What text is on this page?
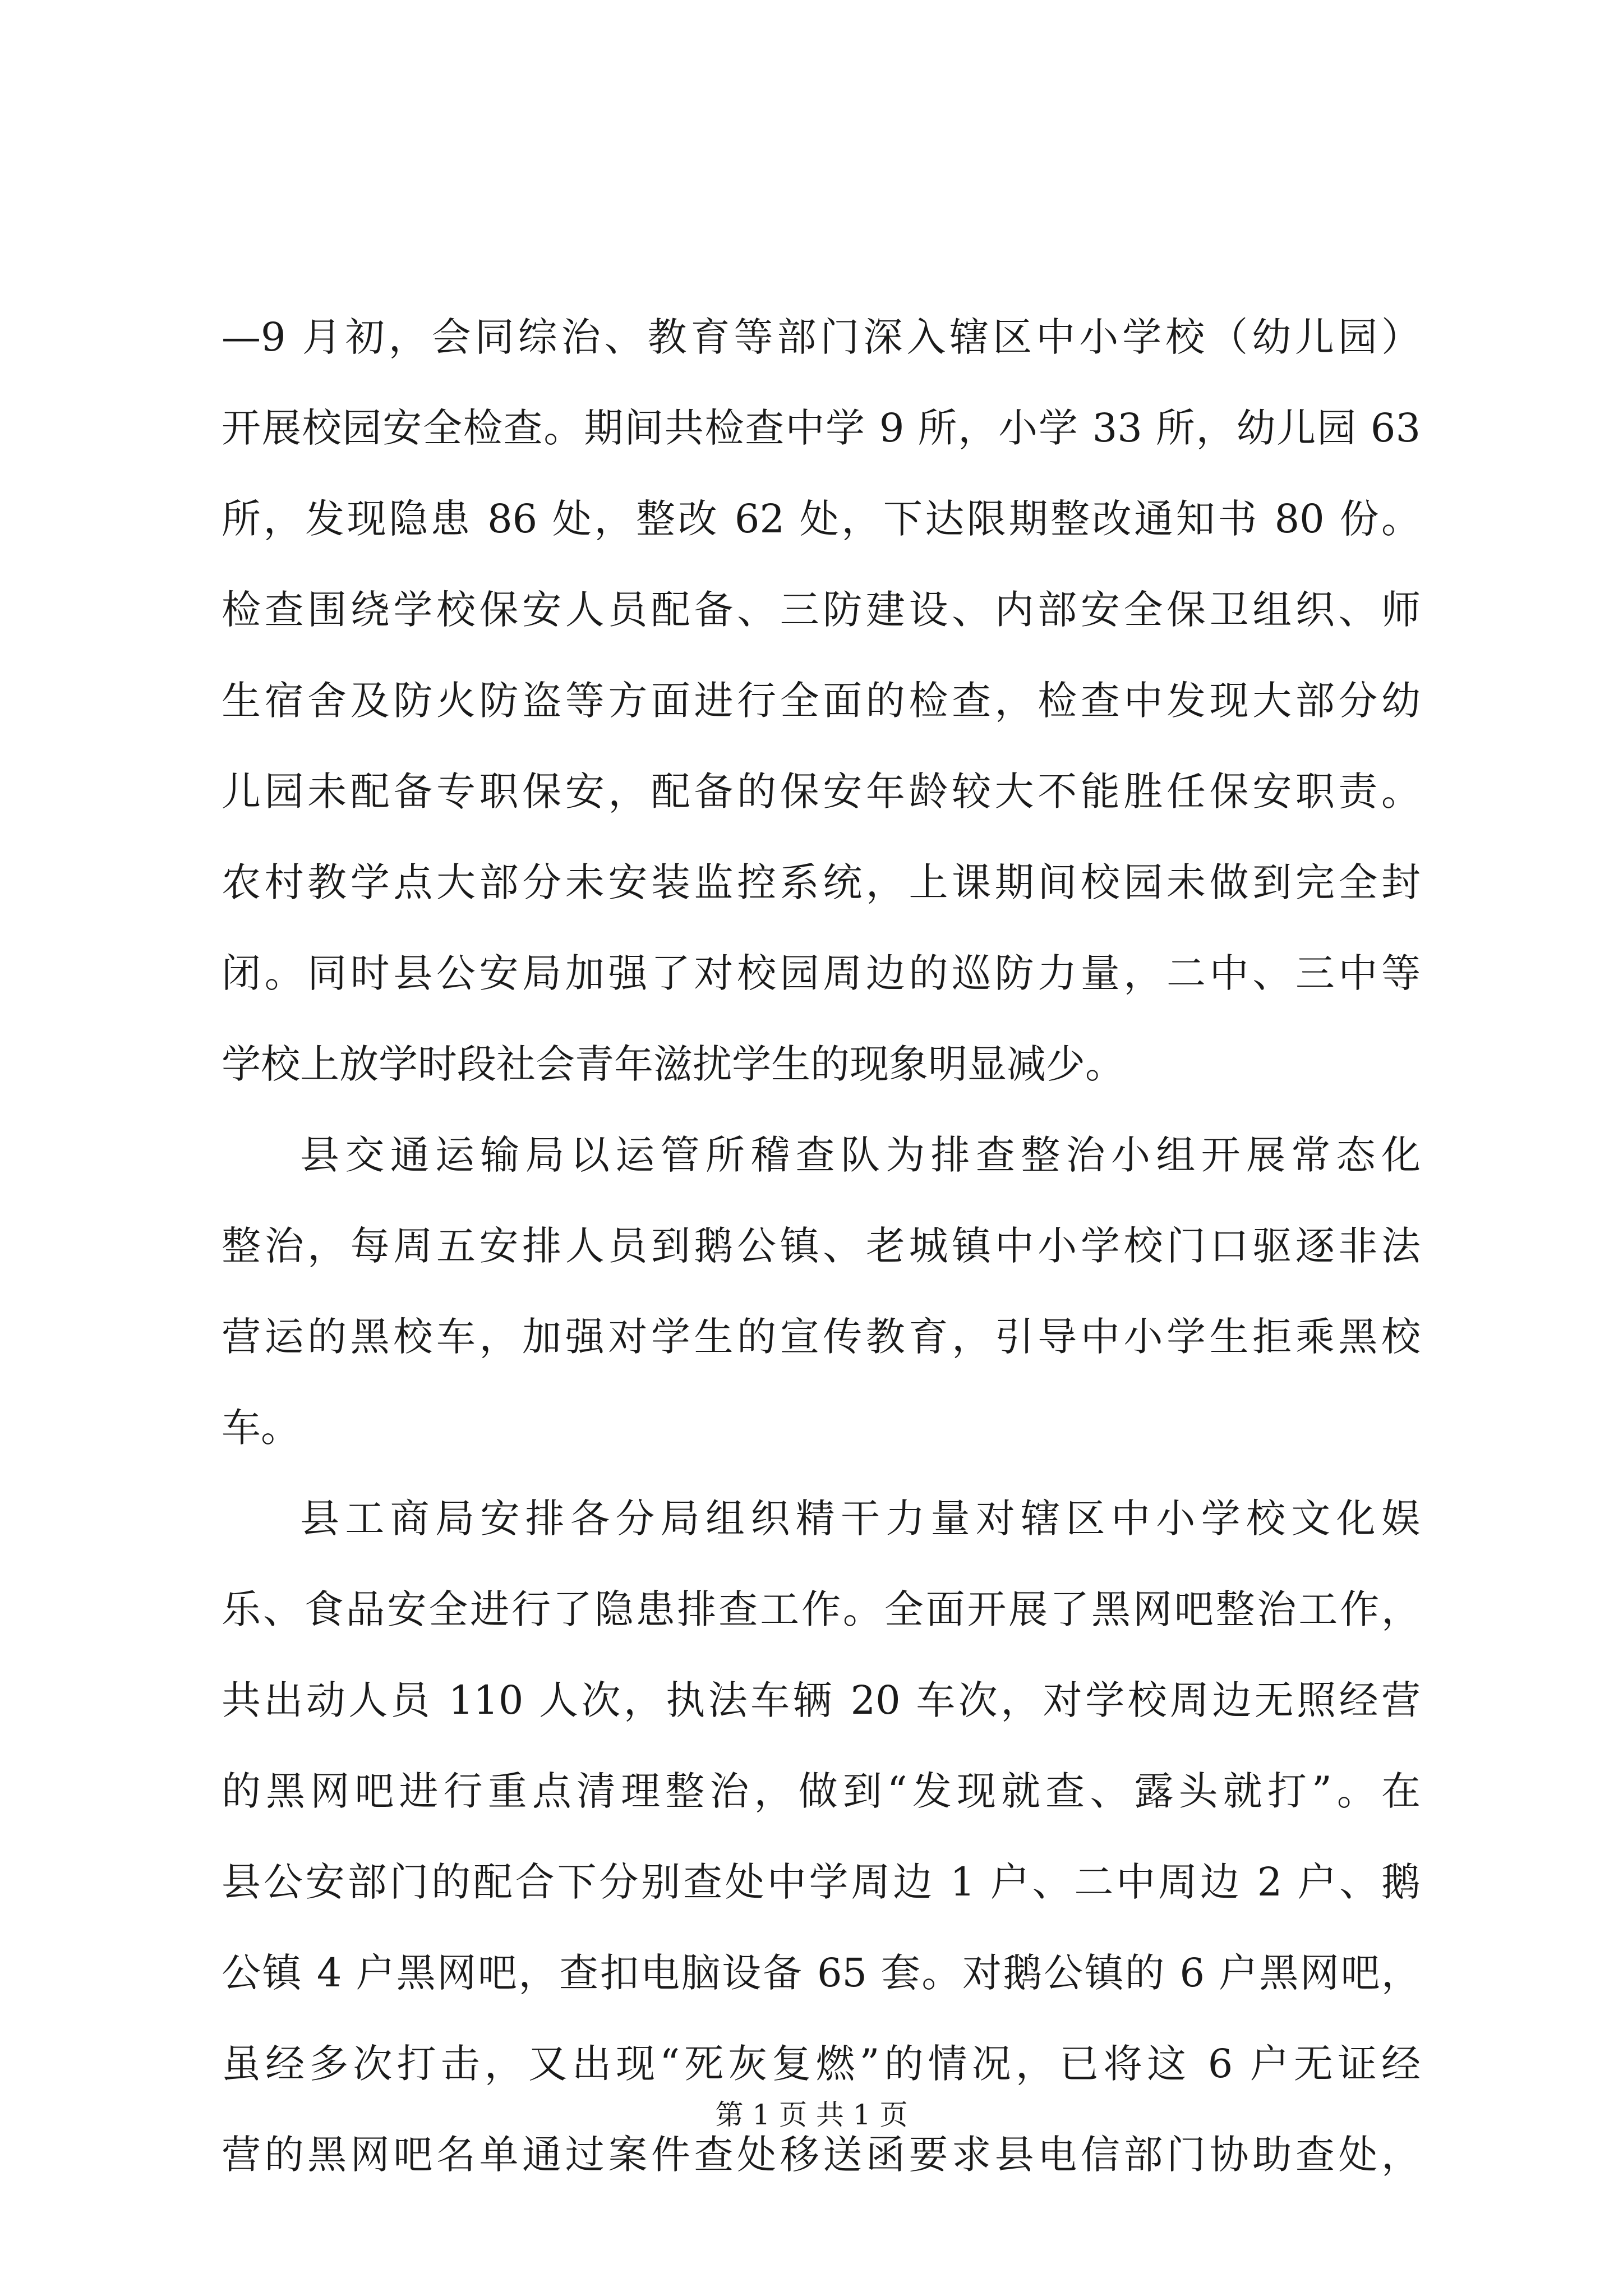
—9 月初，会同综治、教育等部门深入辖区中小学校（幼儿园）
开展校园安全检查。期间共检查中学 9 所，小学 33 所，幼儿园 63
所，发现隐患 86 处，整改 62 处，下达限期整改通知书 80 份。
检查围绕学校保安人员配备、三防建设、内部安全保卫组织、师
生宿舍及防火防盗等方面进行全面的检查，检查中发现大部分幼
儿园未配备专职保安，配备的保安年龄较大不能胜任保安职责。
农村教学点大部分未安装监控系统，上课期间校园未做到完全封
闭。同时县公安局加强了对校园周边的巡防力量，二中、三中等
学校上放学时段社会青年滋扰学生的现象明显减少。

县交通运输局以运管所稽查队为排查整治小组开展常态化
整治，每周五安排人员到鹅公镇、老城镇中小学校门口驱逐非法
营运的黑校车，加强对学生的宣传教育，引导中小学生拒乘黑校
车。

县工商局安排各分局组织精干力量对辖区中小学校文化娱
乐、食品安全进行了隐患排查工作。全面开展了黑网吧整治工作，
共出动人员 110 人次，执法车辆 20 车次，对学校周边无照经营
的黑网吧进行重点清理整治，做到“发现就查、露头就打”。在
县公安部门的配合下分别查处中学周边 1 户、二中周边 2 户、鹅
公镇 4 户黑网吧，查扣电脑设备 65 套。对鹅公镇的 6 户黑网吧，
虽经多次打击，又出现“死灰复燃”的情况，已将这 6 户无证经
营的黑网吧名单通过案件查处移送函要求县电信部门协助查处，

第 1 页 共 1 页
